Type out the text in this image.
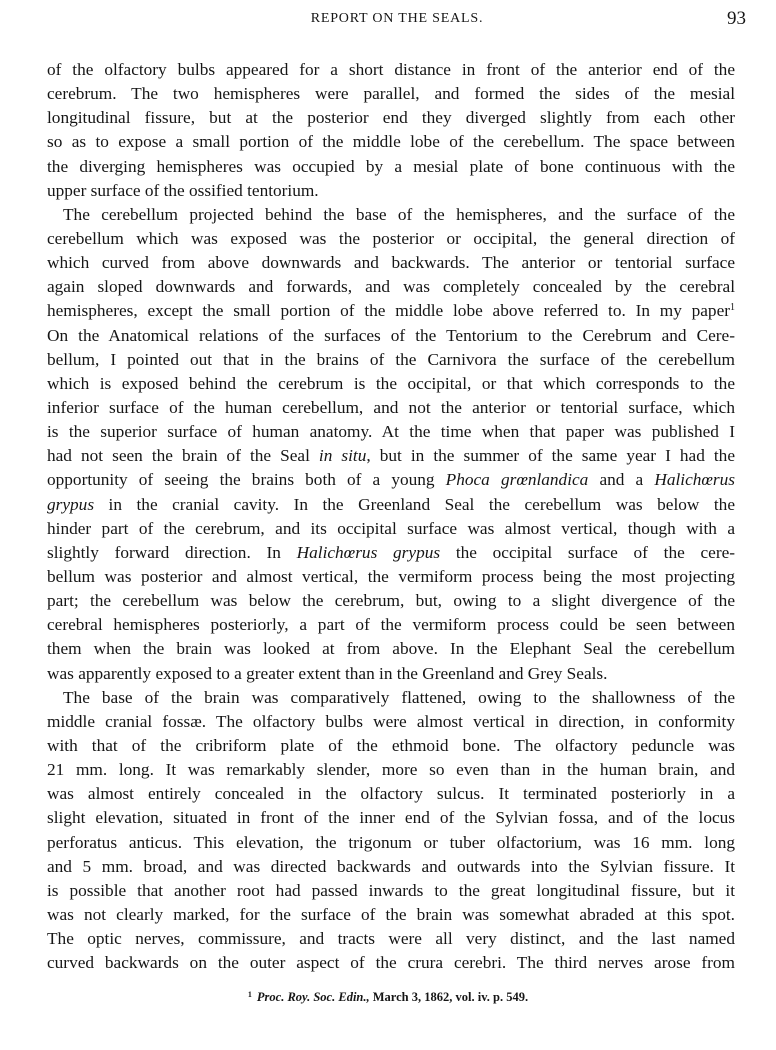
REPORT ON THE SEALS.	93
of the olfactory bulbs appeared for a short distance in front of the anterior end of the
cerebrum. The two hemispheres were parallel, and formed the sides of the mesial
longitudinal fissure, but at the posterior end they diverged slightly from each other
so as to expose a small portion of the middle lobe of the cerebellum. The space between
the diverging hemispheres was occupied by a mesial plate of bone continuous with the
upper surface of the ossified tentorium.
The cerebellum projected behind the base of the hemispheres, and the surface of the
cerebellum which was exposed was the posterior or occipital, the general direction of
which curved from above downwards and backwards. The anterior or tentorial surface
again sloped downwards and forwards, and was completely concealed by the cerebral
hemispheres, except the small portion of the middle lobe above referred to. In my paper$^1$
On the Anatomical relations of the surfaces of the Tentorium to the Cerebrum and Cere-
bellum, I pointed out that in the brains of the Carnivora the surface of the cerebellum
which is exposed behind the cerebrum is the occipital, or that which corresponds to the
inferior surface of the human cerebellum, and not the anterior or tentorial surface, which
is the superior surface of human anatomy. At the time when that paper was published I
had not seen the brain of the Seal in situ, but in the summer of the same year I had the
opportunity of seeing the brains both of a young Phoca grœnlandica and a Halichœrus
grypus in the cranial cavity. In the Greenland Seal the cerebellum was below the
hinder part of the cerebrum, and its occipital surface was almost vertical, though with a
slightly forward direction. In Halichœrus grypus the occipital surface of the cere-
bellum was posterior and almost vertical, the vermiform process being the most projecting
part; the cerebellum was below the cerebrum, but, owing to a slight divergence of the
cerebral hemispheres posteriorly, a part of the vermiform process could be seen between
them when the brain was looked at from above. In the Elephant Seal the cerebellum
was apparently exposed to a greater extent than in the Greenland and Grey Seals.
The base of the brain was comparatively flattened, owing to the shallowness of the
middle cranial fossæ. The olfactory bulbs were almost vertical in direction, in conformity
with that of the cribriform plate of the ethmoid bone. The olfactory peduncle was
21 mm. long. It was remarkably slender, more so even than in the human brain, and
was almost entirely concealed in the olfactory sulcus. It terminated posteriorly in a
slight elevation, situated in front of the inner end of the Sylvian fossa, and of the locus
perforatus anticus. This elevation, the trigonum or tuber olfactorium, was 16 mm. long
and 5 mm. broad, and was directed backwards and outwards into the Sylvian fissure. It
is possible that another root had passed inwards to the great longitudinal fissure, but it
was not clearly marked, for the surface of the brain was somewhat abraded at this spot.
The optic nerves, commissure, and tracts were all very distinct, and the last named
curved backwards on the outer aspect of the crura cerebri. The third nerves arose from
$^1$ Proc. Roy. Soc. Edin., March 3, 1862, vol. iv. p. 549.
